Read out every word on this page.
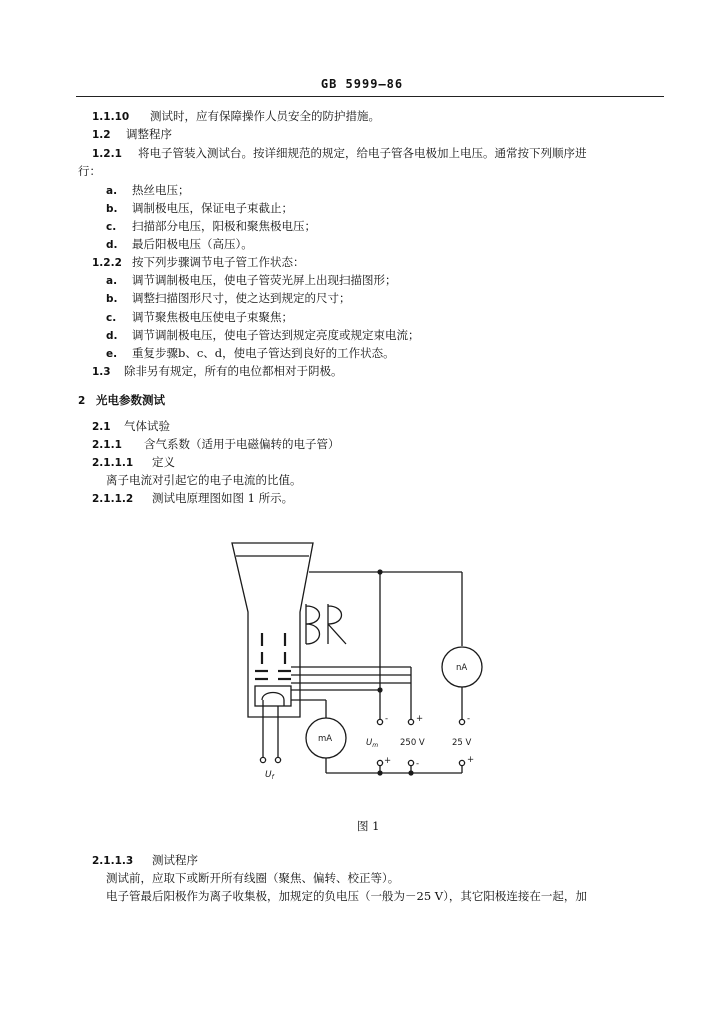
GB 5999—86
1.1.10 测试时，应有保障操作人员安全的防护措施。
1.2 调整程序
1.2.1 将电子管装入测试台。按详细规范的规定，给电子管各电极加上电压。通常按下列顺序进
行：
a. 热丝电压；
b. 调制极电压，保证电子束截止；
c. 扫描部分电压，阳极和聚焦极电压；
d. 最后阳极电压（高压）。
1.2.2 按下列步骤调节电子管工作状态：
a. 调节调制极电压，使电子管荧光屏上出现扫描图形；
b. 调整扫描图形尺寸，使之达到规定的尺寸；
c. 调节聚焦极电压使电子束聚焦；
d. 调节调制极电压，使电子管达到规定亮度或规定束电流；
e. 重复步骤b、c、d，使电子管达到良好的工作状态。
1.3 除非另有规定，所有的电位都相对于阴极。
2 光电参数测试
2.1 气体试验
2.1.1 含气系数（适用于电磁偏转的电子管）
2.1.1.1 定义
离子电流对引起它的电子电流的比值。
2.1.1.2 测试电原理图如图 1 所示。
nA
mA
-	+	-
+	-	+
$U_m$	250 V	25 V
$U_f$
图 1
2.1.1.3 测试程序
测试前，应取下或断开所有线圈（聚焦、偏转、校正等）。
电子管最后阳极作为离子收集极，加规定的负电压（一般为－25 V），其它阳极连接在一起，加
